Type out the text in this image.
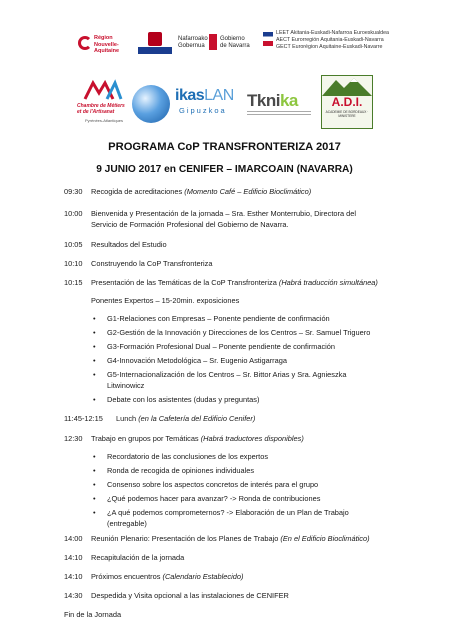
Région
Nouvelle-Aquitaine
Nafarroako Gobernua
Gobierno de Navarra
LEET Akitania-Euskadi-Nafarroa Euroeskualdea
AECT Eurorregión Aquitania-Euskadi-Navarra
GECT Eurorégion Aquitaine-Euskadi-Navarre
Chambre de Métiers
et de l'Artisanat
Pyrénées-Atlantiques
ikasLAN
Gipuzkoa
Tknika	A.D.I.
ACADEMIE DE BORDEAUX · MINISTERE
PROGRAMA CoP TRANSFRONTERIZA 2017
9 JUNIO 2017 en CENIFER – IMARCOAIN (NAVARRA)
09:30 Recogida de acreditaciones (Momento Café – Edificio Bioclimático)
10:00 Bienvenida y Presentación de la jornada – Sra. Esther Monterrubio, Directora del Servicio de Formación Profesional del Gobierno de Navarra.
10:05 Resultados del Estudio
10:10 Construyendo la CoP Transfronteriza
10:15 Presentación de las Temáticas de la CoP Transfronteriza (Habrá traducción simultánea)
Ponentes Expertos – 15-20min. exposiciones
• G1-Relaciones con Empresas – Ponente pendiente de confirmación
• G2-Gestión de la Innovación y Direcciones de los Centros – Sr. Samuel Triguero
• G3-Formación Profesional Dual – Ponente pendiente de confirmación
• G4-Innovación Metodológica – Sr. Eugenio Astigarraga
• G5-Internacionalización de los Centros – Sr. Bittor Arias y Sra. Agnieszka Litwinowicz
• Debate con los asistentes (dudas y preguntas)
11:45-12:15 Lunch (en la Cafetería del Edificio Cenifer)
12:30 Trabajo en grupos por Temáticas (Habrá traductores disponibles)
• Recordatorio de las conclusiones de los expertos
• Ronda de recogida de opiniones individuales
• Consenso sobre los aspectos concretos de interés para el grupo
• ¿Qué podemos hacer para avanzar? -> Ronda de contribuciones
• ¿A qué podemos comprometernos? -> Elaboración de un Plan de Trabajo (entregable)
14:00 Reunión Plenario: Presentación de los Planes de Trabajo (En el Edificio Bioclimático)
14:10 Recapitulación de la jornada
14:10 Próximos encuentros (Calendario Establecido)
14:30 Despedida y Visita opcional a las instalaciones de CENIFER
Fin de la Jornada
